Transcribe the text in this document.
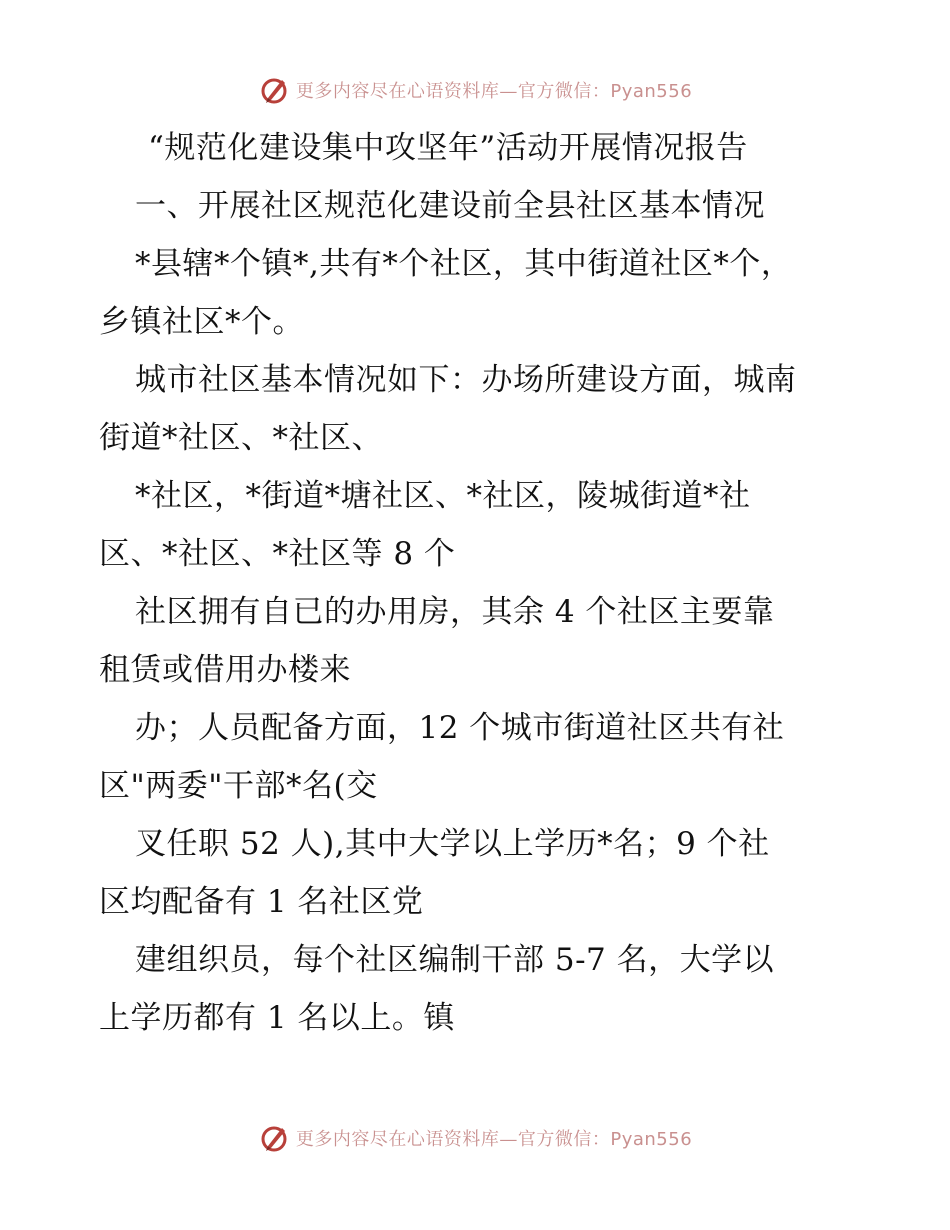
更多内容尽在心语资料库—官方微信：Pyan556
“规范化建设集中攻坚年”活动开展情况报告
一、开展社区规范化建设前全县社区基本情况
*县辖*个镇*,共有*个社区，其中街道社区*个，
乡镇社区*个。
城市社区基本情况如下：办场所建设方面，城南
街道*社区、*社区、
*社区，*街道*塘社区、*社区，陵城街道*社
区、*社区、*社区等 8 个
社区拥有自已的办用房，其余 4 个社区主要靠
租赁或借用办楼来
办；人员配备方面，12 个城市街道社区共有社
区"两委"干部*名(交
叉任职 52 人),其中大学以上学历*名；9 个社
区均配备有 1 名社区党
建组织员，每个社区编制干部 5-7 名，大学以
上学历都有 1 名以上。镇
更多内容尽在心语资料库—官方微信：Pyan556
